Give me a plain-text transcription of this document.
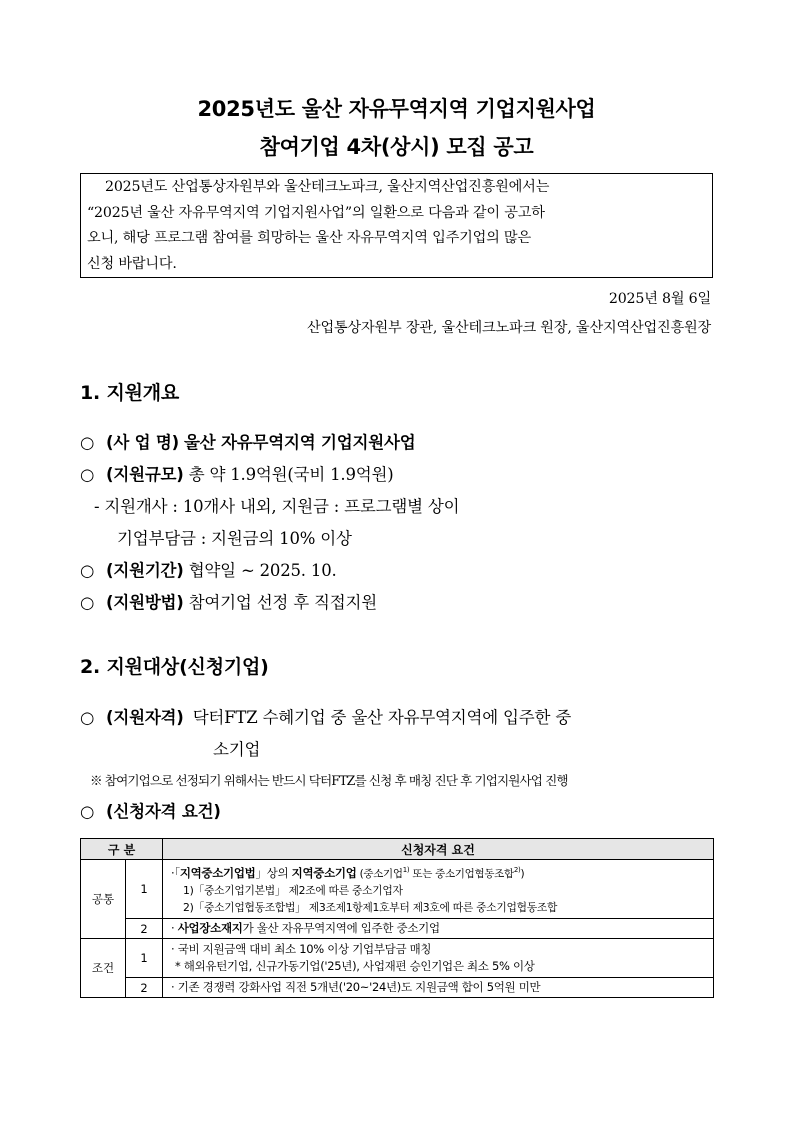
2025년도 울산 자유무역지역 기업지원사업
참여기업 4차(상시) 모집 공고
2025년도 산업통상자원부와 울산테크노파크, 울산지역산업진흥원에서는
“2025년 울산 자유무역지역 기업지원사업”의 일환으로 다음과 같이 공고하
오니, 해당 프로그램 참여를 희망하는 울산 자유무역지역 입주기업의 많은
신청 바랍니다.
2025년 8월 6일
산업통상자원부 장관, 울산테크노파크 원장, 울산지역산업진흥원장
1. 지원개요
○ (사 업 명) 울산 자유무역지역 기업지원사업
○ (지원규모) 총 약 1.9억원(국비 1.9억원)
- 지원개사 : 10개사 내외, 지원금 : 프로그램별 상이
기업부담금 : 지원금의 10% 이상
○ (지원기간) 협약일 ~ 2025. 10.
○ (지원방법) 참여기업 선정 후 직접지원
2. 지원대상(신청기업)
○ (지원자격) 닥터FTZ 수혜기업 중 울산 자유무역지역에 입주한 중
소기업
※ 참여기업으로 선정되기 위해서는 반드시 닥터FTZ를 신청 후 매칭 진단 후 기업지원사업 진행
○ (신청자격 요건)
구 분		신청자격 요건
공통	1	·「지역중소기업법」상의 지역중소기업 (중소기업$^{1)}$ 또는 중소기업협동조합$^{2)}$)
1)「중소기업기본법」 제2조에 따른 중소기업자
2)「중소기업협동조합법」 제3조제1항제1호부터 제3호에 따른 중소기업협동조합

	2	· 사업장소재지가 울산 자유무역지역에 입주한 중소기업

조건	1	· 국비 지원금액 대비 최소 10% 이상 기업부담금 매칭
* 해외유턴기업, 신규가동기업('25년), 사업재편 승인기업은 최소 5% 이상

	2	· 기존 경쟁력 강화사업 직전 5개년('20~'24년)도 지원금액 합이 5억원 미만
